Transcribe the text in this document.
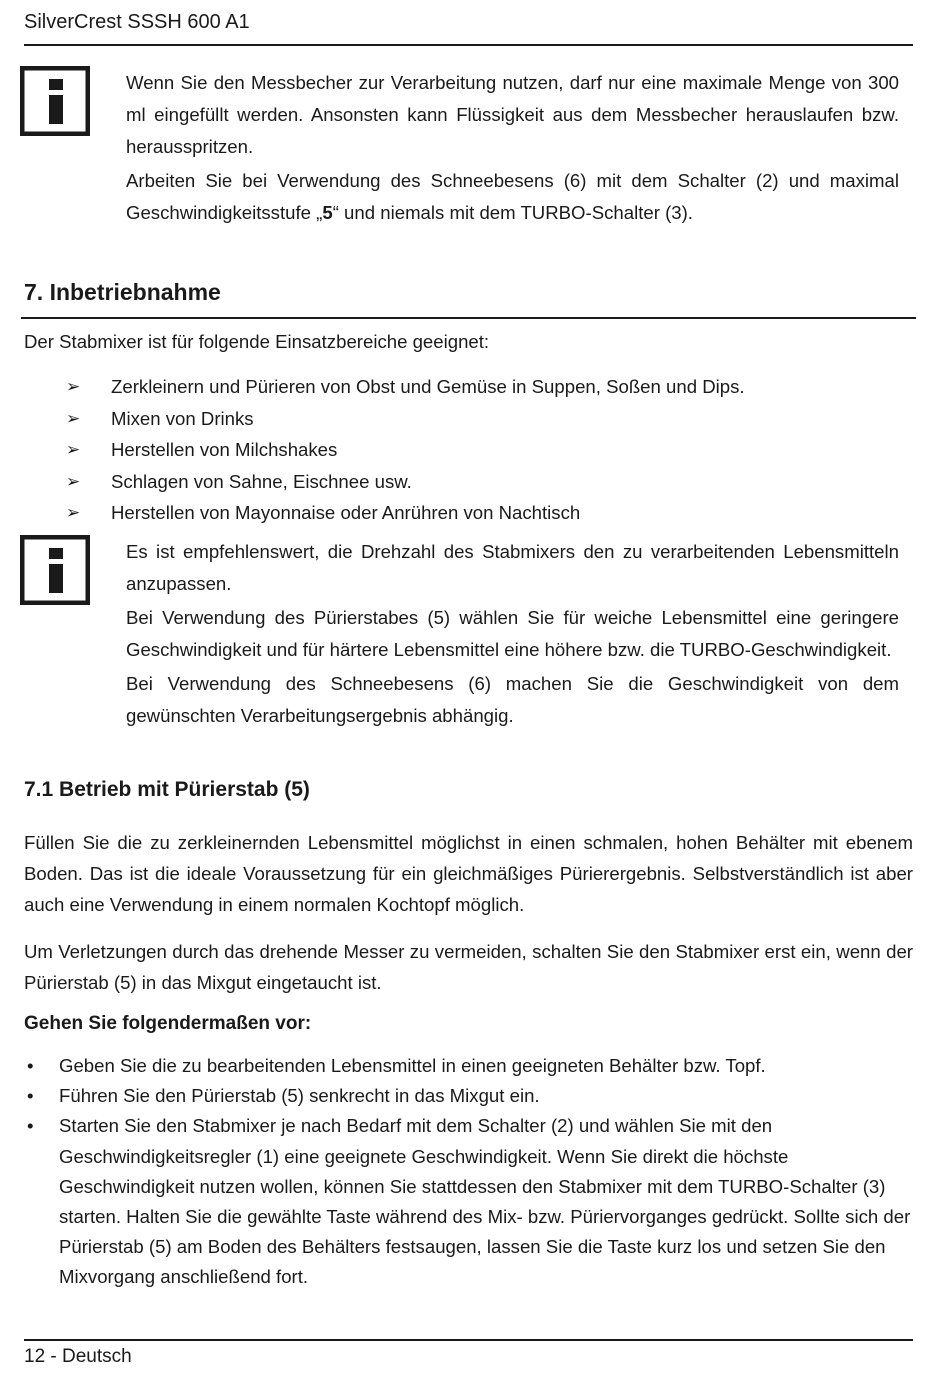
SilverCrest SSSH 600 A1

Wenn Sie den Messbecher zur Verarbeitung nutzen, darf nur eine maximale Menge von 300 ml eingefüllt werden. Ansonsten kann Flüssigkeit aus dem Messbecher herauslaufen bzw. herausspritzen.

Arbeiten Sie bei Verwendung des Schneebesens (6) mit dem Schalter (2) und maximal Geschwindigkeitsstufe „5“ und niemals mit dem TURBO-Schalter (3).

7. Inbetriebnahme

Der Stabmixer ist für folgende Einsatzbereiche geeignet:

➢	Zerkleinern und Pürieren von Obst und Gemüse in Suppen, Soßen und Dips.
➢	Mixen von Drinks
➢	Herstellen von Milchshakes
➢	Schlagen von Sahne, Eischnee usw.
➢	Herstellen von Mayonnaise oder Anrühren von Nachtisch

Es ist empfehlenswert, die Drehzahl des Stabmixers den zu verarbeitenden Lebensmitteln anzupassen.

Bei Verwendung des Pürierstabes (5) wählen Sie für weiche Lebensmittel eine geringere Geschwindigkeit und für härtere Lebensmittel eine höhere bzw. die TURBO-Geschwindigkeit.

Bei Verwendung des Schneebesens (6) machen Sie die Geschwindigkeit von dem gewünschten Verarbeitungsergebnis abhängig.

7.1 Betrieb mit Pürierstab (5)

Füllen Sie die zu zerkleinernden Lebensmittel möglichst in einen schmalen, hohen Behälter mit ebenem Boden. Das ist die ideale Voraussetzung für ein gleichmäßiges Pürierergebnis. Selbstverständlich ist aber auch eine Verwendung in einem normalen Kochtopf möglich.

Um Verletzungen durch das drehende Messer zu vermeiden, schalten Sie den Stabmixer erst ein, wenn der Pürierstab (5) in das Mixgut eingetaucht ist.

Gehen Sie folgendermaßen vor:

•	Geben Sie die zu bearbeitenden Lebensmittel in einen geeigneten Behälter bzw. Topf.
•	Führen Sie den Pürierstab (5) senkrecht in das Mixgut ein.
•	Starten Sie den Stabmixer je nach Bedarf mit dem Schalter (2) und wählen Sie mit den Geschwindigkeitsregler (1) eine geeignete Geschwindigkeit. Wenn Sie direkt die höchste Geschwindigkeit nutzen wollen, können Sie stattdessen den Stabmixer mit dem TURBO-Schalter (3) starten. Halten Sie die gewählte Taste während des Mix- bzw. Püriervorganges gedrückt. Sollte sich der Pürierstab (5) am Boden des Behälters festsaugen, lassen Sie die Taste kurz los und setzen Sie den Mixvorgang anschließend fort.
12 - Deutsch
